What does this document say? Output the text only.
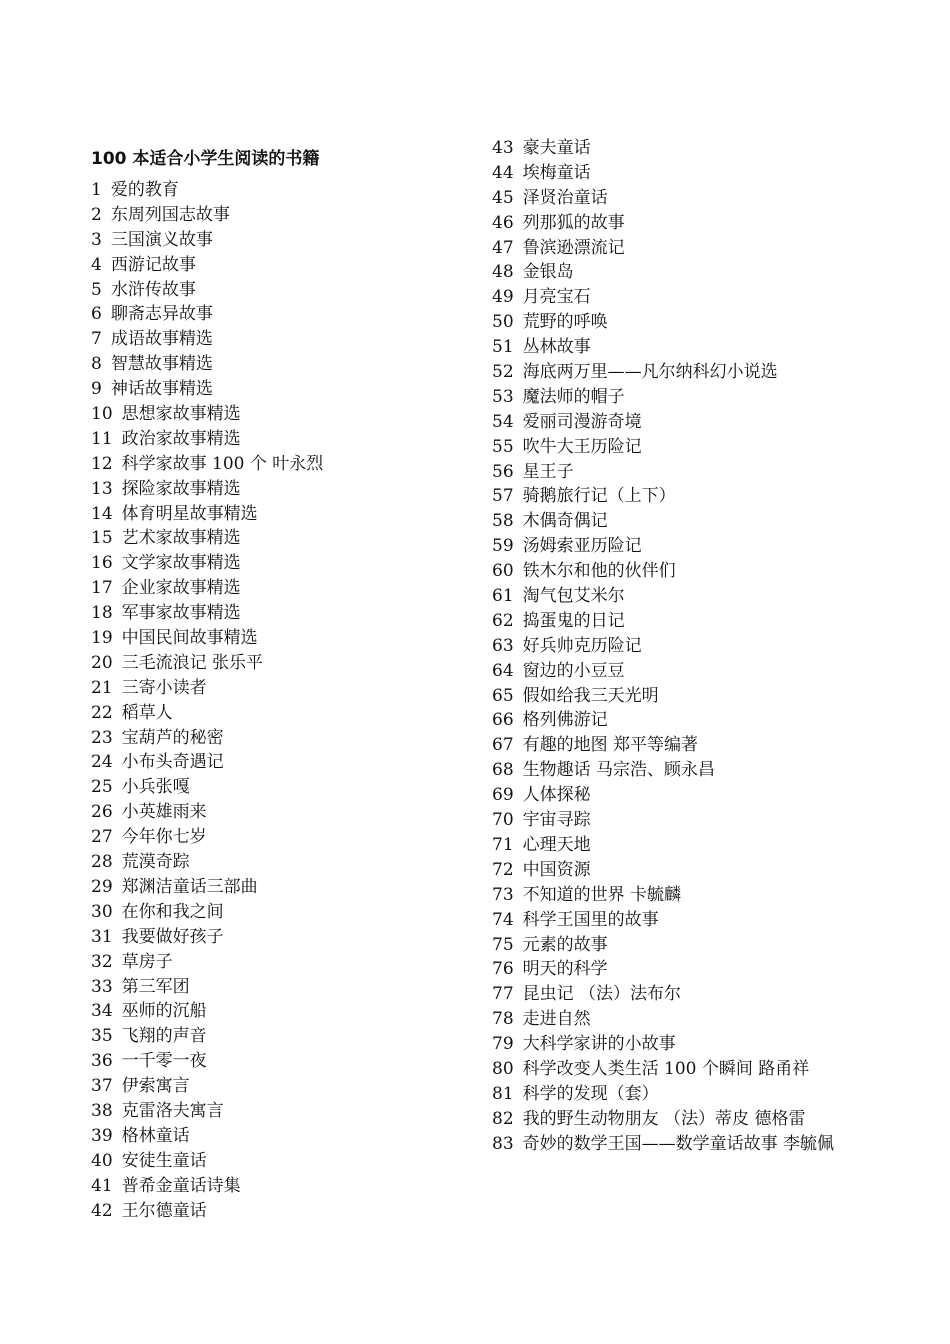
100 本适合小学生阅读的书籍
1 爱的教育
2 东周列国志故事
3 三国演义故事
4 西游记故事
5 水浒传故事
6 聊斋志异故事
7 成语故事精选
8 智慧故事精选
9 神话故事精选
10 思想家故事精选
11 政治家故事精选
12 科学家故事 100 个 叶永烈
13 探险家故事精选
14 体育明星故事精选
15 艺术家故事精选
16 文学家故事精选
17 企业家故事精选
18 军事家故事精选
19 中国民间故事精选
20 三毛流浪记 张乐平
21 三寄小读者
22 稻草人
23 宝葫芦的秘密
24 小布头奇遇记
25 小兵张嘎
26 小英雄雨来
27 今年你七岁
28 荒漠奇踪
29 郑渊洁童话三部曲
30 在你和我之间
31 我要做好孩子
32 草房子
33 第三军团
34 巫师的沉船
35 飞翔的声音
36 一千零一夜
37 伊索寓言
38 克雷洛夫寓言
39 格林童话
40 安徒生童话
41 普希金童话诗集
42 王尔德童话
43 豪夫童话
44 埃梅童话
45 泽贤治童话
46 列那狐的故事
47 鲁滨逊漂流记
48 金银岛
49 月亮宝石
50 荒野的呼唤
51 丛林故事
52 海底两万里——凡尔纳科幻小说选
53 魔法师的帽子
54 爱丽司漫游奇境
55 吹牛大王历险记
56 星王子
57 骑鹅旅行记（上下）
58 木偶奇偶记
59 汤姆索亚历险记
60 铁木尔和他的伙伴们
61 淘气包艾米尔
62 捣蛋鬼的日记
63 好兵帅克历险记
64 窗边的小豆豆
65 假如给我三天光明
66 格列佛游记
67 有趣的地图 郑平等编著
68 生物趣话 马宗浩、顾永昌
69 人体探秘
70 宇宙寻踪
71 心理天地
72 中国资源
73 不知道的世界 卡毓麟
74 科学王国里的故事
75 元素的故事
76 明天的科学
77 昆虫记 （法）法布尔
78 走进自然
79 大科学家讲的小故事
80 科学改变人类生活 100 个瞬间 路甬祥
81 科学的发现（套）
82 我的野生动物朋友 （法）蒂皮 德格雷
83 奇妙的数学王国——数学童话故事 李毓佩
